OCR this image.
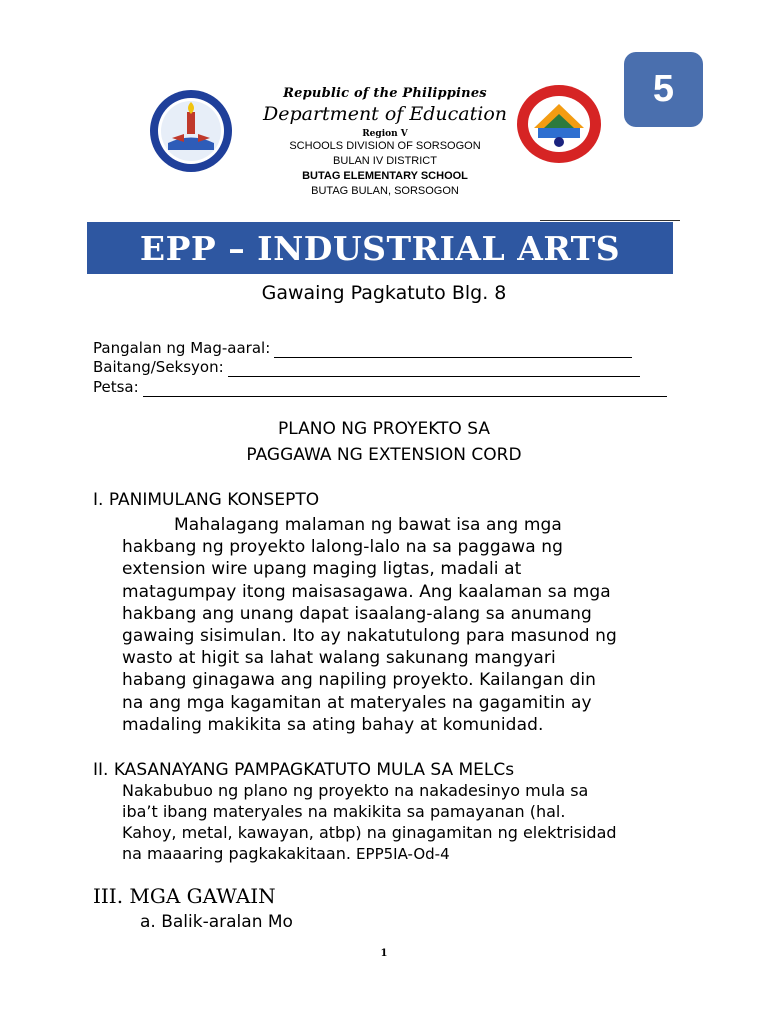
Republic of the Philippines
Department of Education
Region V
SCHOOLS DIVISION OF SORSOGON
BULAN IV DISTRICT
BUTAG ELEMENTARY SCHOOL
BUTAG BULAN, SORSOGON
5
EPP – INDUSTRIAL ARTS
Gawaing Pagkatuto Blg. 8
Pangalan ng Mag-aaral:
Baitang/Seksyon:
Petsa:
PLANO NG PROYEKTO SA
PAGGAWA NG EXTENSION CORD
I. PANIMULANG KONSEPTO
Mahalagang malaman ng bawat isa ang mga
hakbang ng proyekto lalong-lalo na sa paggawa ng
extension wire upang maging ligtas, madali at
matagumpay itong maisasagawa. Ang kaalaman sa mga
hakbang ang unang dapat isaalang-alang sa anumang
gawaing sisimulan. Ito ay nakatutulong para masunod ng
wasto at higit sa lahat walang sakunang mangyari
habang ginagawa ang napiling proyekto. Kailangan din
na ang mga kagamitan at materyales na gagamitin ay
madaling makikita sa ating bahay at komunidad.
II. KASANAYANG PAMPAGKATUTO MULA SA MELCs
Nakabubuo ng plano ng proyekto na nakadesinyo mula sa
iba’t ibang materyales na makikita sa pamayanan (hal.
Kahoy, metal, kawayan, atbp) na ginagamitan ng elektrisidad
na maaaring pagkakakitaan. EPP5IA-Od-4
III. MGA GAWAIN
a. Balik-aralan Mo
1
